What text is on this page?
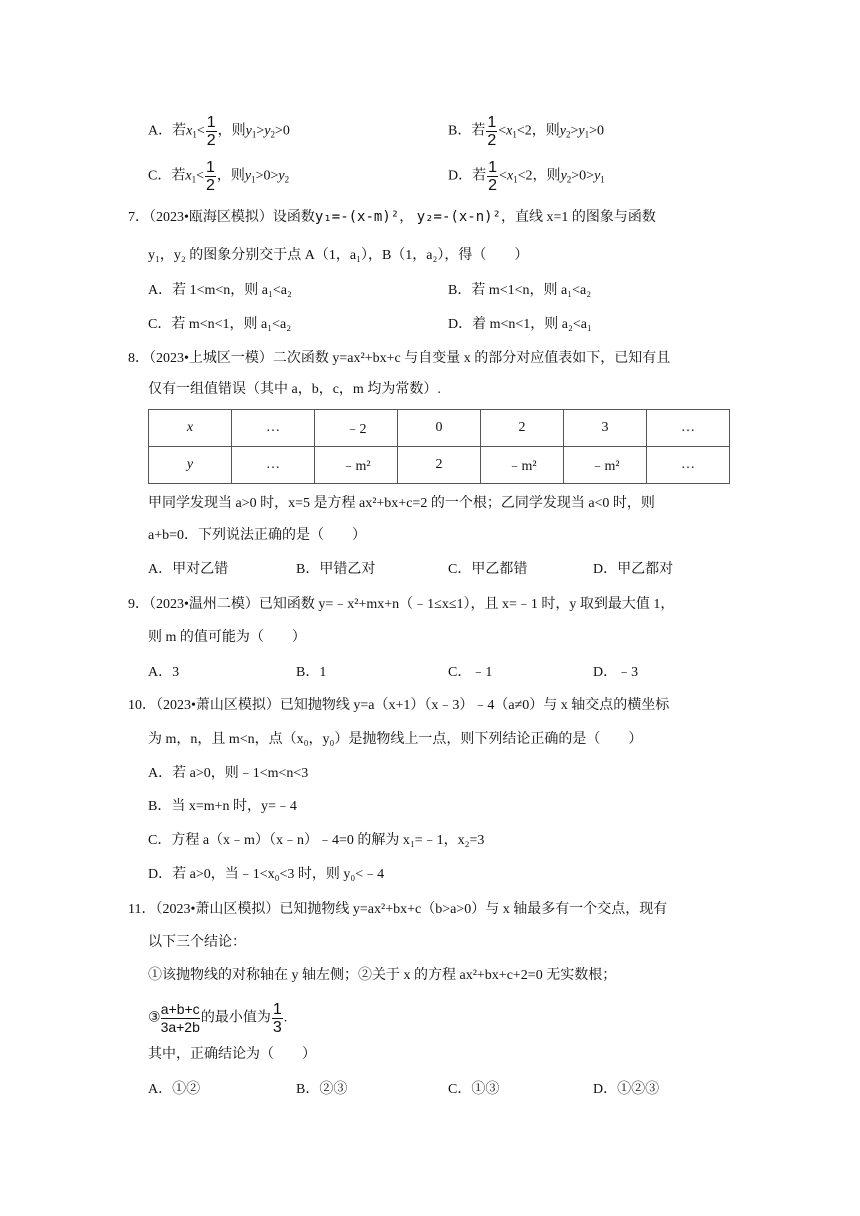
A．若$x_1< \frac{1}{2}$ ，则$y_1>y_2>0$	B．若 $\frac{1}{2} <x_1<2$，则$y_2>y_1>0$
C．若$x_1< \frac{1}{2}$ ，则$y_1>0>y_2$	D．若 $\frac{1}{2} <x_1<2$，则$y_2>0>y_1$
7．（2023•瓯海区模拟）设函数y₁=-(x-m)²， y₂=-(x-n)²，直线 x=1 的图象与函数
y₁，y₂ 的图象分别交于点 A（1，a₁），B（1，a₂），得（　　）
A．若 1<m<n，则 a₁<a₂	B．若 m<1<n，则 a₁<a₂
C．若 m<n<1，则 a₁<a₂	D．着 m<n<1，则 a₂<a₁
8．（2023•上城区一模）二次函数 y=ax²+bx+c 与自变量 x 的部分对应值表如下，已知有且
仅有一组值错误（其中 a，b，c，m 均为常数）.
x	…	﹣2	0	2	3	…
y	…	﹣m²	2	﹣m²	﹣m²	…
甲同学发现当 a>0 时，x=5 是方程 ax²+bx+c=2 的一个根；乙同学发现当 a<0 时，则
a+b=0．下列说法正确的是（　　）
A．甲对乙错	B．甲错乙对	C．甲乙都错	D．甲乙都对
9．（2023•温州二模）已知函数 y=﹣x²+mx+n（﹣1≤x≤1），且 x=﹣1 时，y 取到最大值 1，
则 m 的值可能为（　　）
A．3	B．1	C．﹣1	D．﹣3
10．（2023•萧山区模拟）已知抛物线 y=a（x+1）（x﹣3）﹣4（a≠0）与 x 轴交点的横坐标
为 m，n，且 m<n，点（x₀，y₀）是抛物线上一点，则下列结论正确的是（　　）
A．若 a>0，则﹣1<m<n<3
B．当 x=m+n 时，y=﹣4
C．方程 a（x﹣m）（x﹣n）﹣4=0 的解为 x₁=﹣1，x₂=3
D．若 a>0，当﹣1<x₀<3 时，则 y₀<﹣4
11．（2023•萧山区模拟）已知抛物线 y=ax²+bx+c（b>a>0）与 x 轴最多有一个交点，现有
以下三个结论：
①该抛物线的对称轴在 y 轴左侧；②关于 x 的方程 ax²+bx+c+2=0 无实数根；
③ $\frac{a+b+c}{3a+2b}$ 的最小值为 $\frac{1}{3}$ .
其中，正确结论为（　　）
A．①②	B．②③	C．①③	D．①②③
